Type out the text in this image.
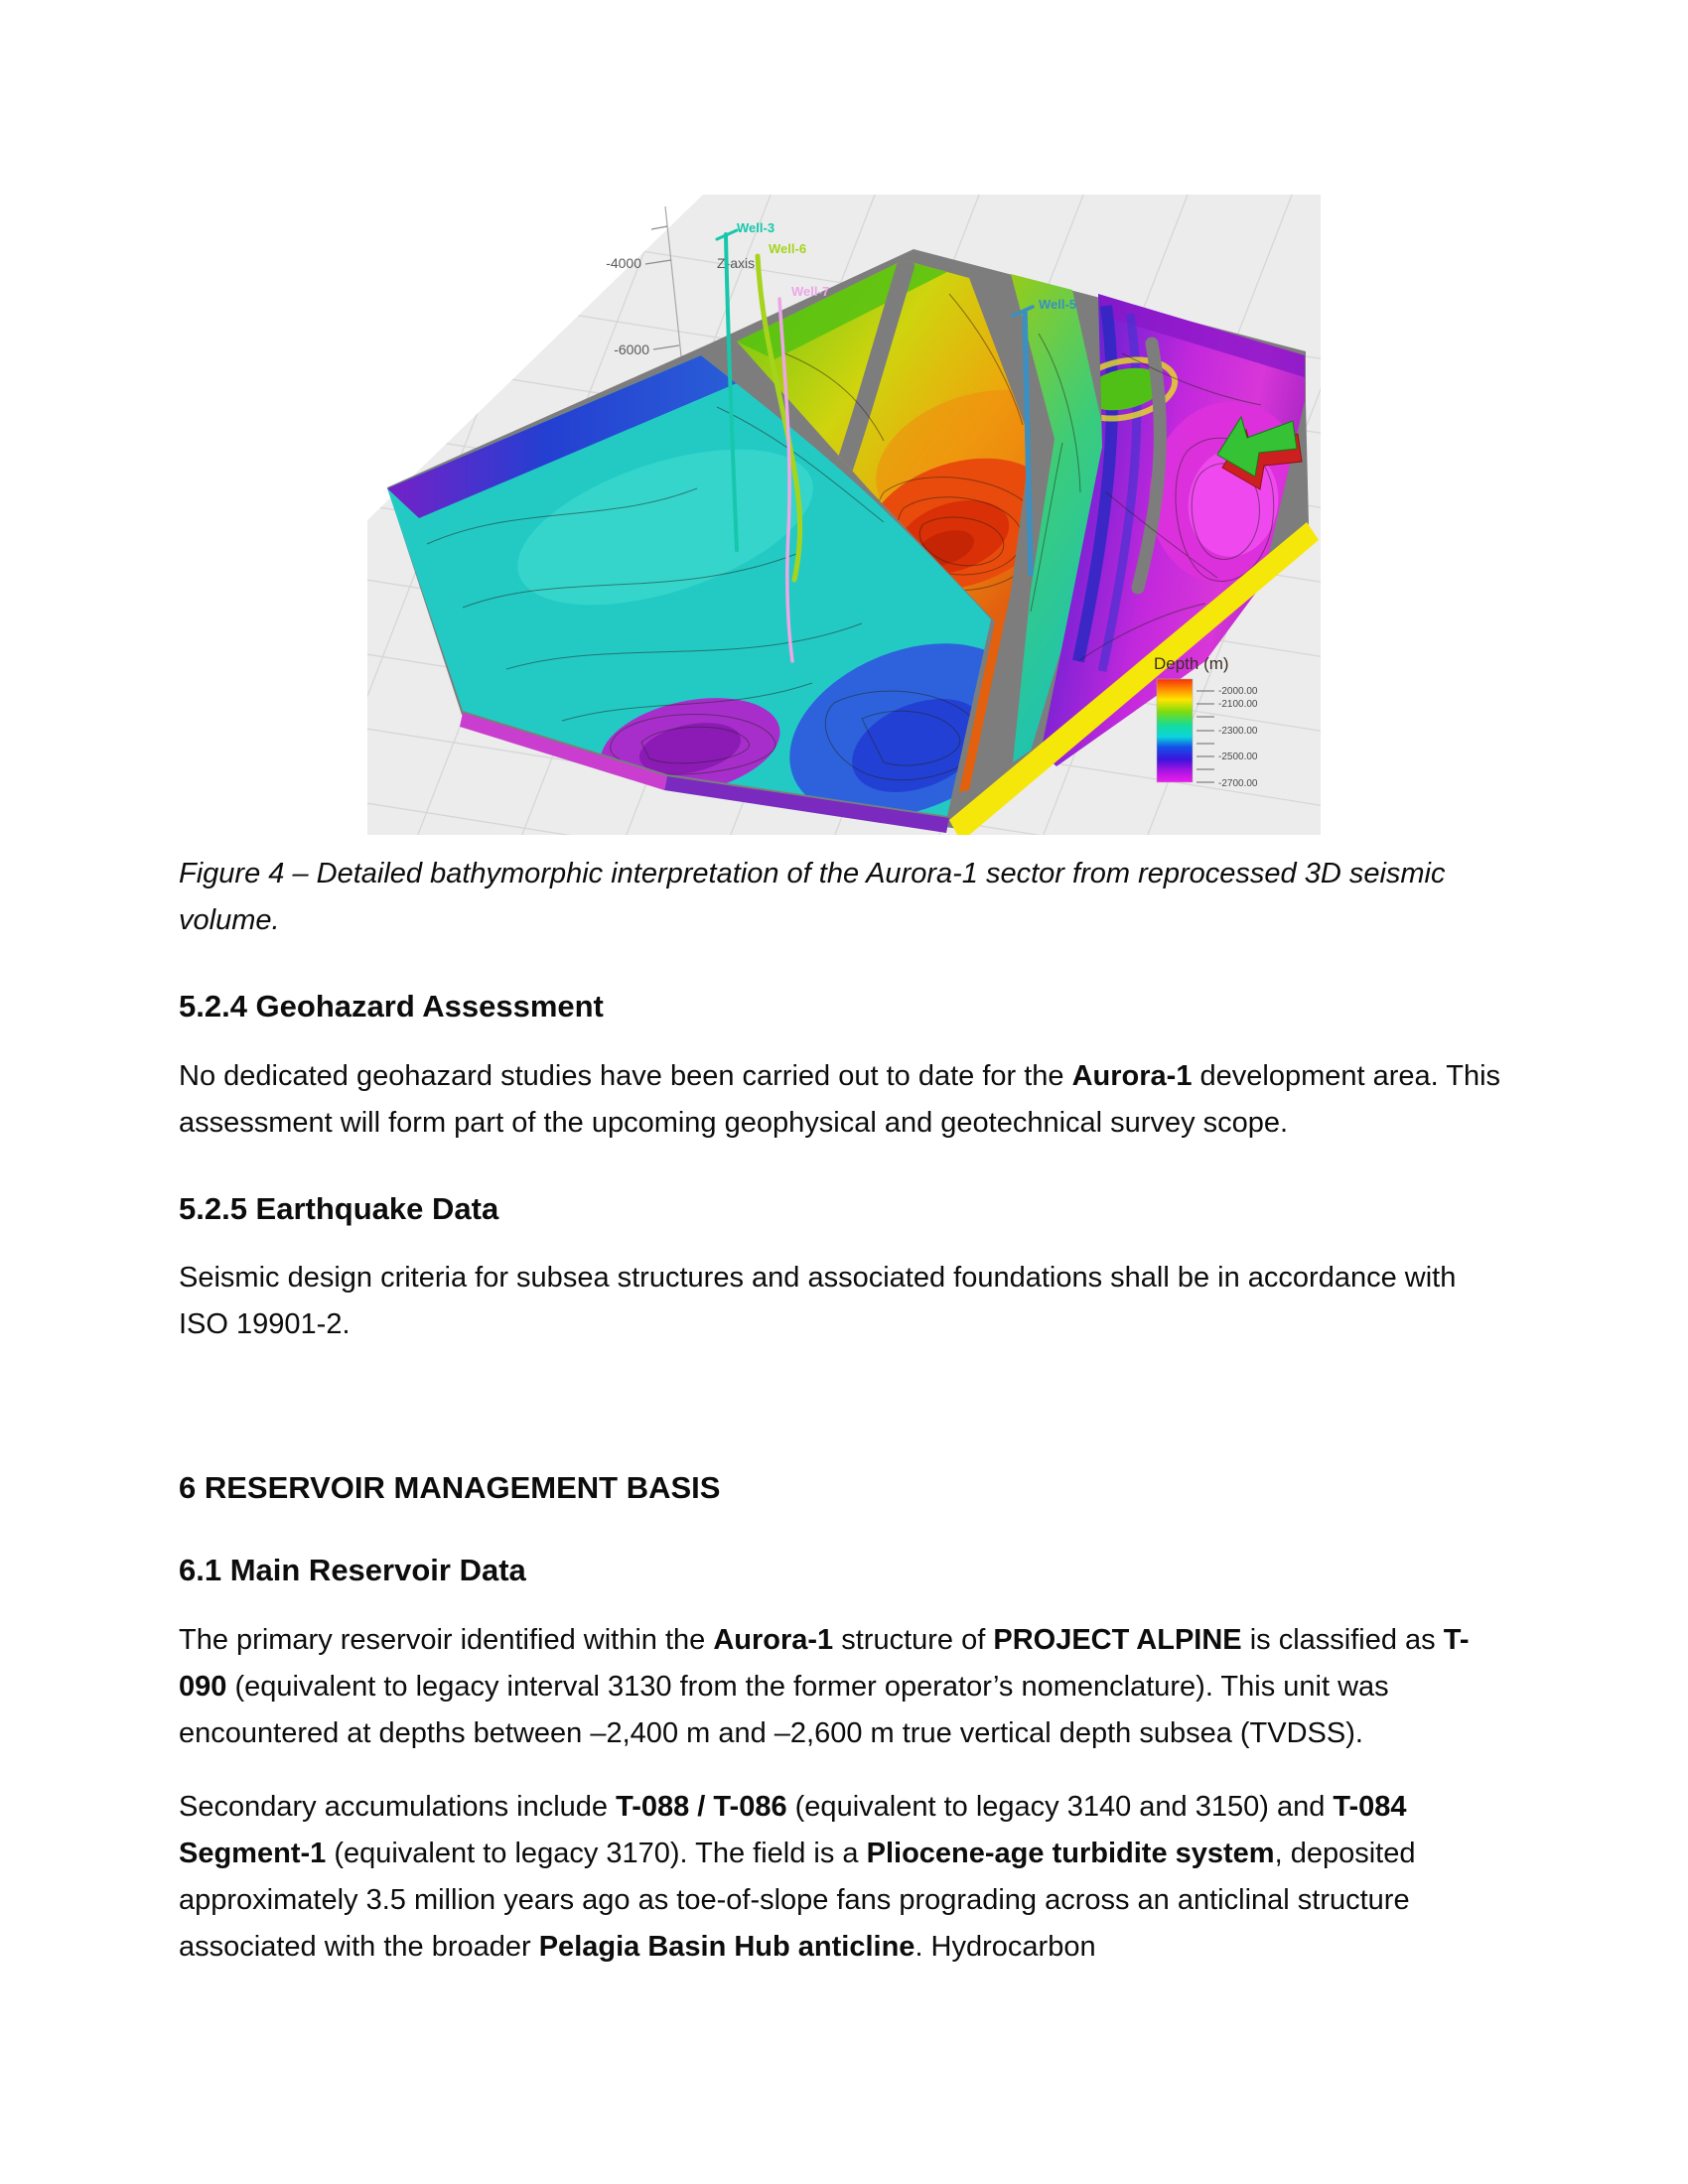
-4000
-6000
Z-axis
Well-3
Well-6
Well-7
Well-5
Depth (m)
-2000.00
-2100.00
-2300.00
-2500.00
-2700.00

Figure 4 – Detailed bathymorphic interpretation of the Aurora-1 sector from reprocessed 3D seismic volume.

5.2.4 Geohazard Assessment

No dedicated geohazard studies have been carried out to date for the Aurora-1 development area. This assessment will form part of the upcoming geophysical and geotechnical survey scope.

5.2.5 Earthquake Data

Seismic design criteria for subsea structures and associated foundations shall be in accordance with ISO 19901-2.

6 RESERVOIR MANAGEMENT BASIS
6.1 Main Reservoir Data

The primary reservoir identified within the Aurora-1 structure of PROJECT ALPINE is classified as T-090 (equivalent to legacy interval 3130 from the former operator’s nomenclature). This unit was encountered at depths between –2,400 m and –2,600 m true vertical depth subsea (TVDSS).

Secondary accumulations include T-088 / T-086 (equivalent to legacy 3140 and 3150) and T-084 Segment-1 (equivalent to legacy 3170). The field is a Pliocene-age turbidite system, deposited approximately 3.5 million years ago as toe-of-slope fans prograding across an anticlinal structure associated with the broader Pelagia Basin Hub anticline. Hydrocarbon
